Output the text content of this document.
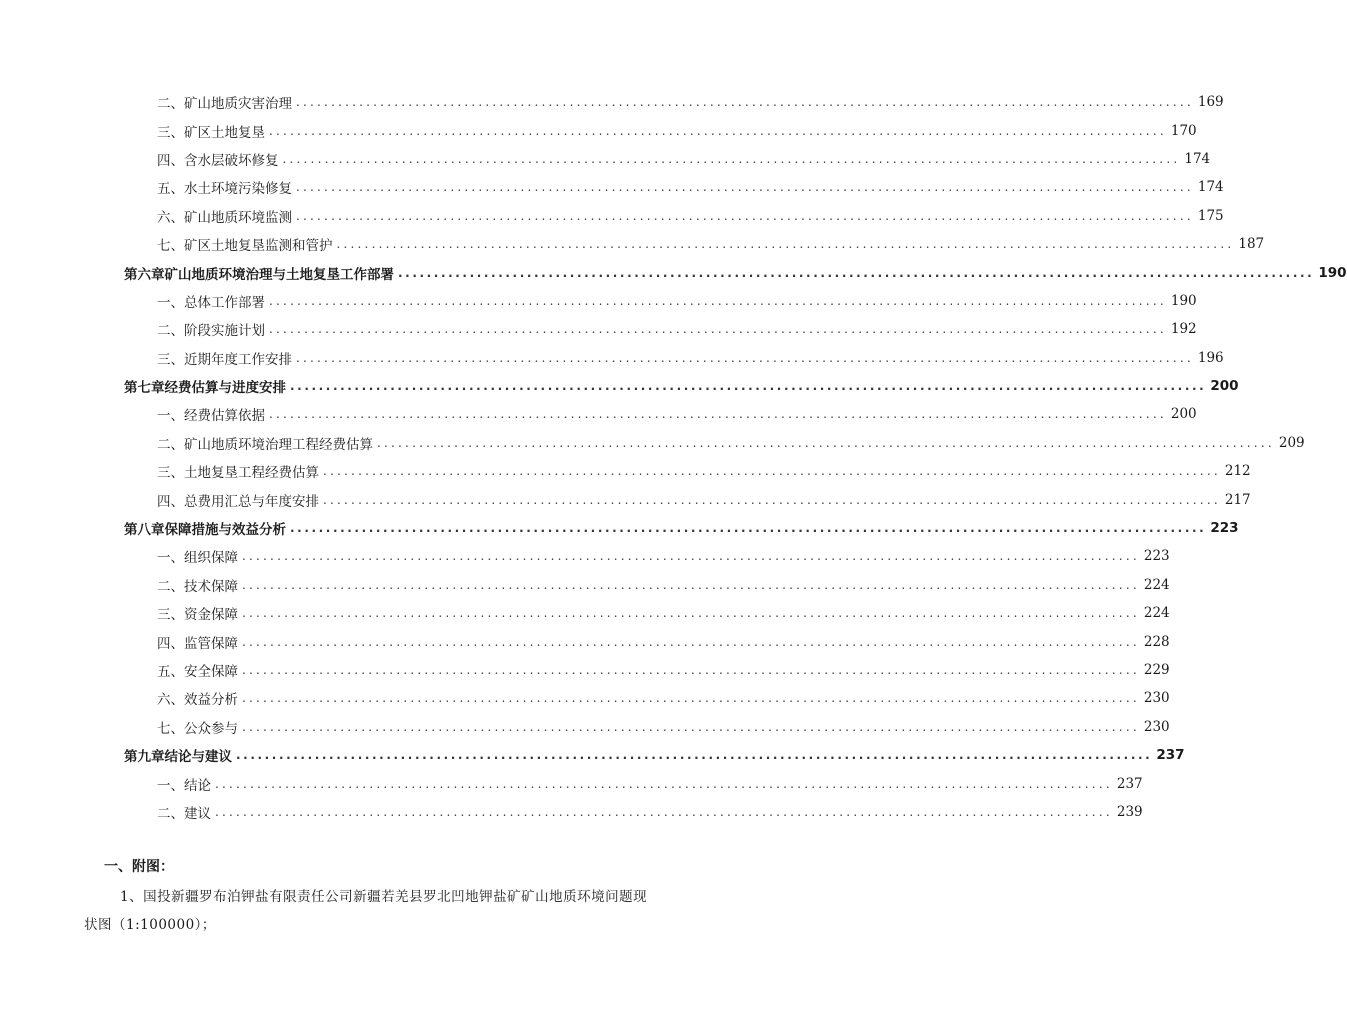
二、矿山地质灾害治理 ................................................................................................................................ 169
三、矿区土地复垦 ................................................................................................................................ 170
四、含水层破坏修复 ................................................................................................................................ 174
五、水土环境污染修复 ................................................................................................................................ 174
六、矿山地质环境监测 ................................................................................................................................ 175
七、矿区土地复垦监测和管护 ................................................................................................................................ 187
第六章 矿山地质环境治理与土地复垦工作部署 ................................................................................................................................ 190
一、总体工作部署 ................................................................................................................................ 190
二、阶段实施计划 ................................................................................................................................ 192
三、近期年度工作安排 ................................................................................................................................ 196
第七章 经费估算与进度安排 ................................................................................................................................ 200
一、经费估算依据 ................................................................................................................................ 200
二、矿山地质环境治理工程经费估算 ................................................................................................................................ 209
三、土地复垦工程经费估算 ................................................................................................................................ 212
四、总费用汇总与年度安排 ................................................................................................................................ 217
第八章 保障措施与效益分析 ................................................................................................................................ 223
一、组织保障 ................................................................................................................................ 223
二、技术保障 ................................................................................................................................ 224
三、资金保障 ................................................................................................................................ 224
四、监管保障 ................................................................................................................................ 228
五、安全保障 ................................................................................................................................ 229
六、效益分析 ................................................................................................................................ 230
七、公众参与 ................................................................................................................................ 230
第九章 结论与建议 ................................................................................................................................ 237
一、结论 ................................................................................................................................ 237
二、建议 ................................................................................................................................ 239
一、附图：
1、国投新疆罗布泊钾盐有限责任公司新疆若羌县罗北凹地钾盐矿矿山地质环境问题现状图（1:100000）；
